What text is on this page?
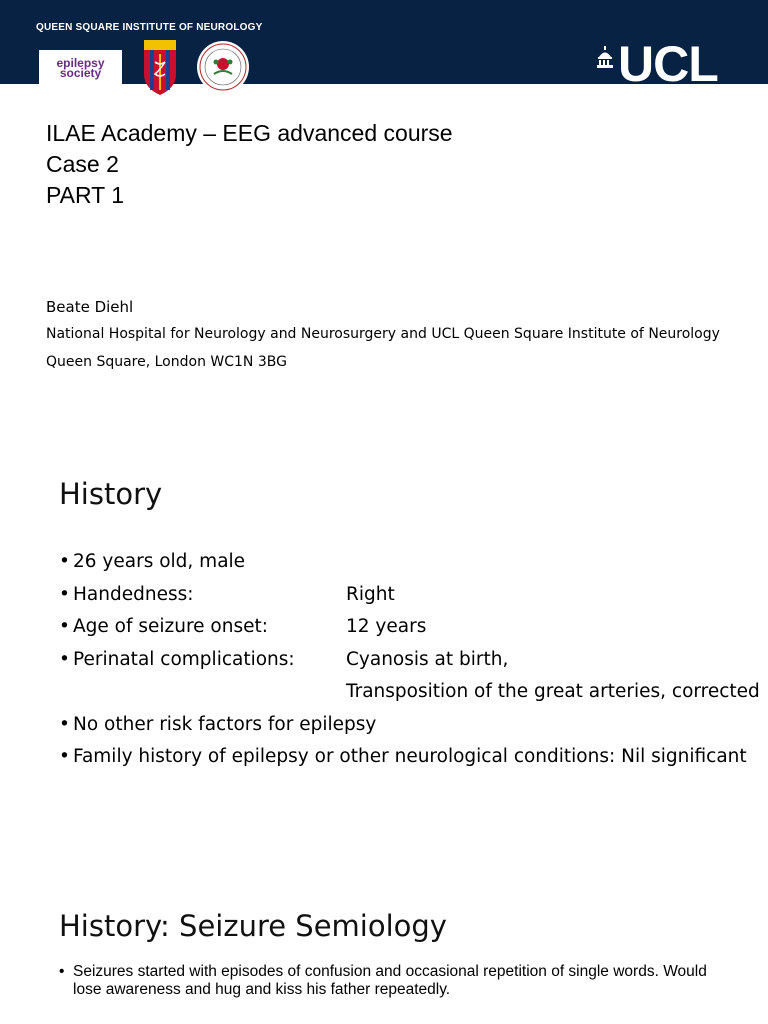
QUEEN SQUARE INSTITUTE OF NEUROLOGY
epilepsy
society	UCL
ILAE Academy – EEG advanced course
Case 2
PART 1
Beate Diehl
National Hospital for Neurology and Neurosurgery and UCL Queen Square Institute of Neurology
Queen Square, London WC1N 3BG
History
• 26 years old, male
• Handedness:	Right
• Age of seizure onset:	12 years
• Perinatal complications:	Cyanosis at birth,
Transposition of the great arteries, corrected
• No other risk factors for epilepsy
• Family history of epilepsy or other neurological conditions: Nil significant
History: Seizure Semiology
• Seizures started with episodes of confusion and occasional repetition of single words. Would lose awareness and hug and kiss his father repeatedly.
